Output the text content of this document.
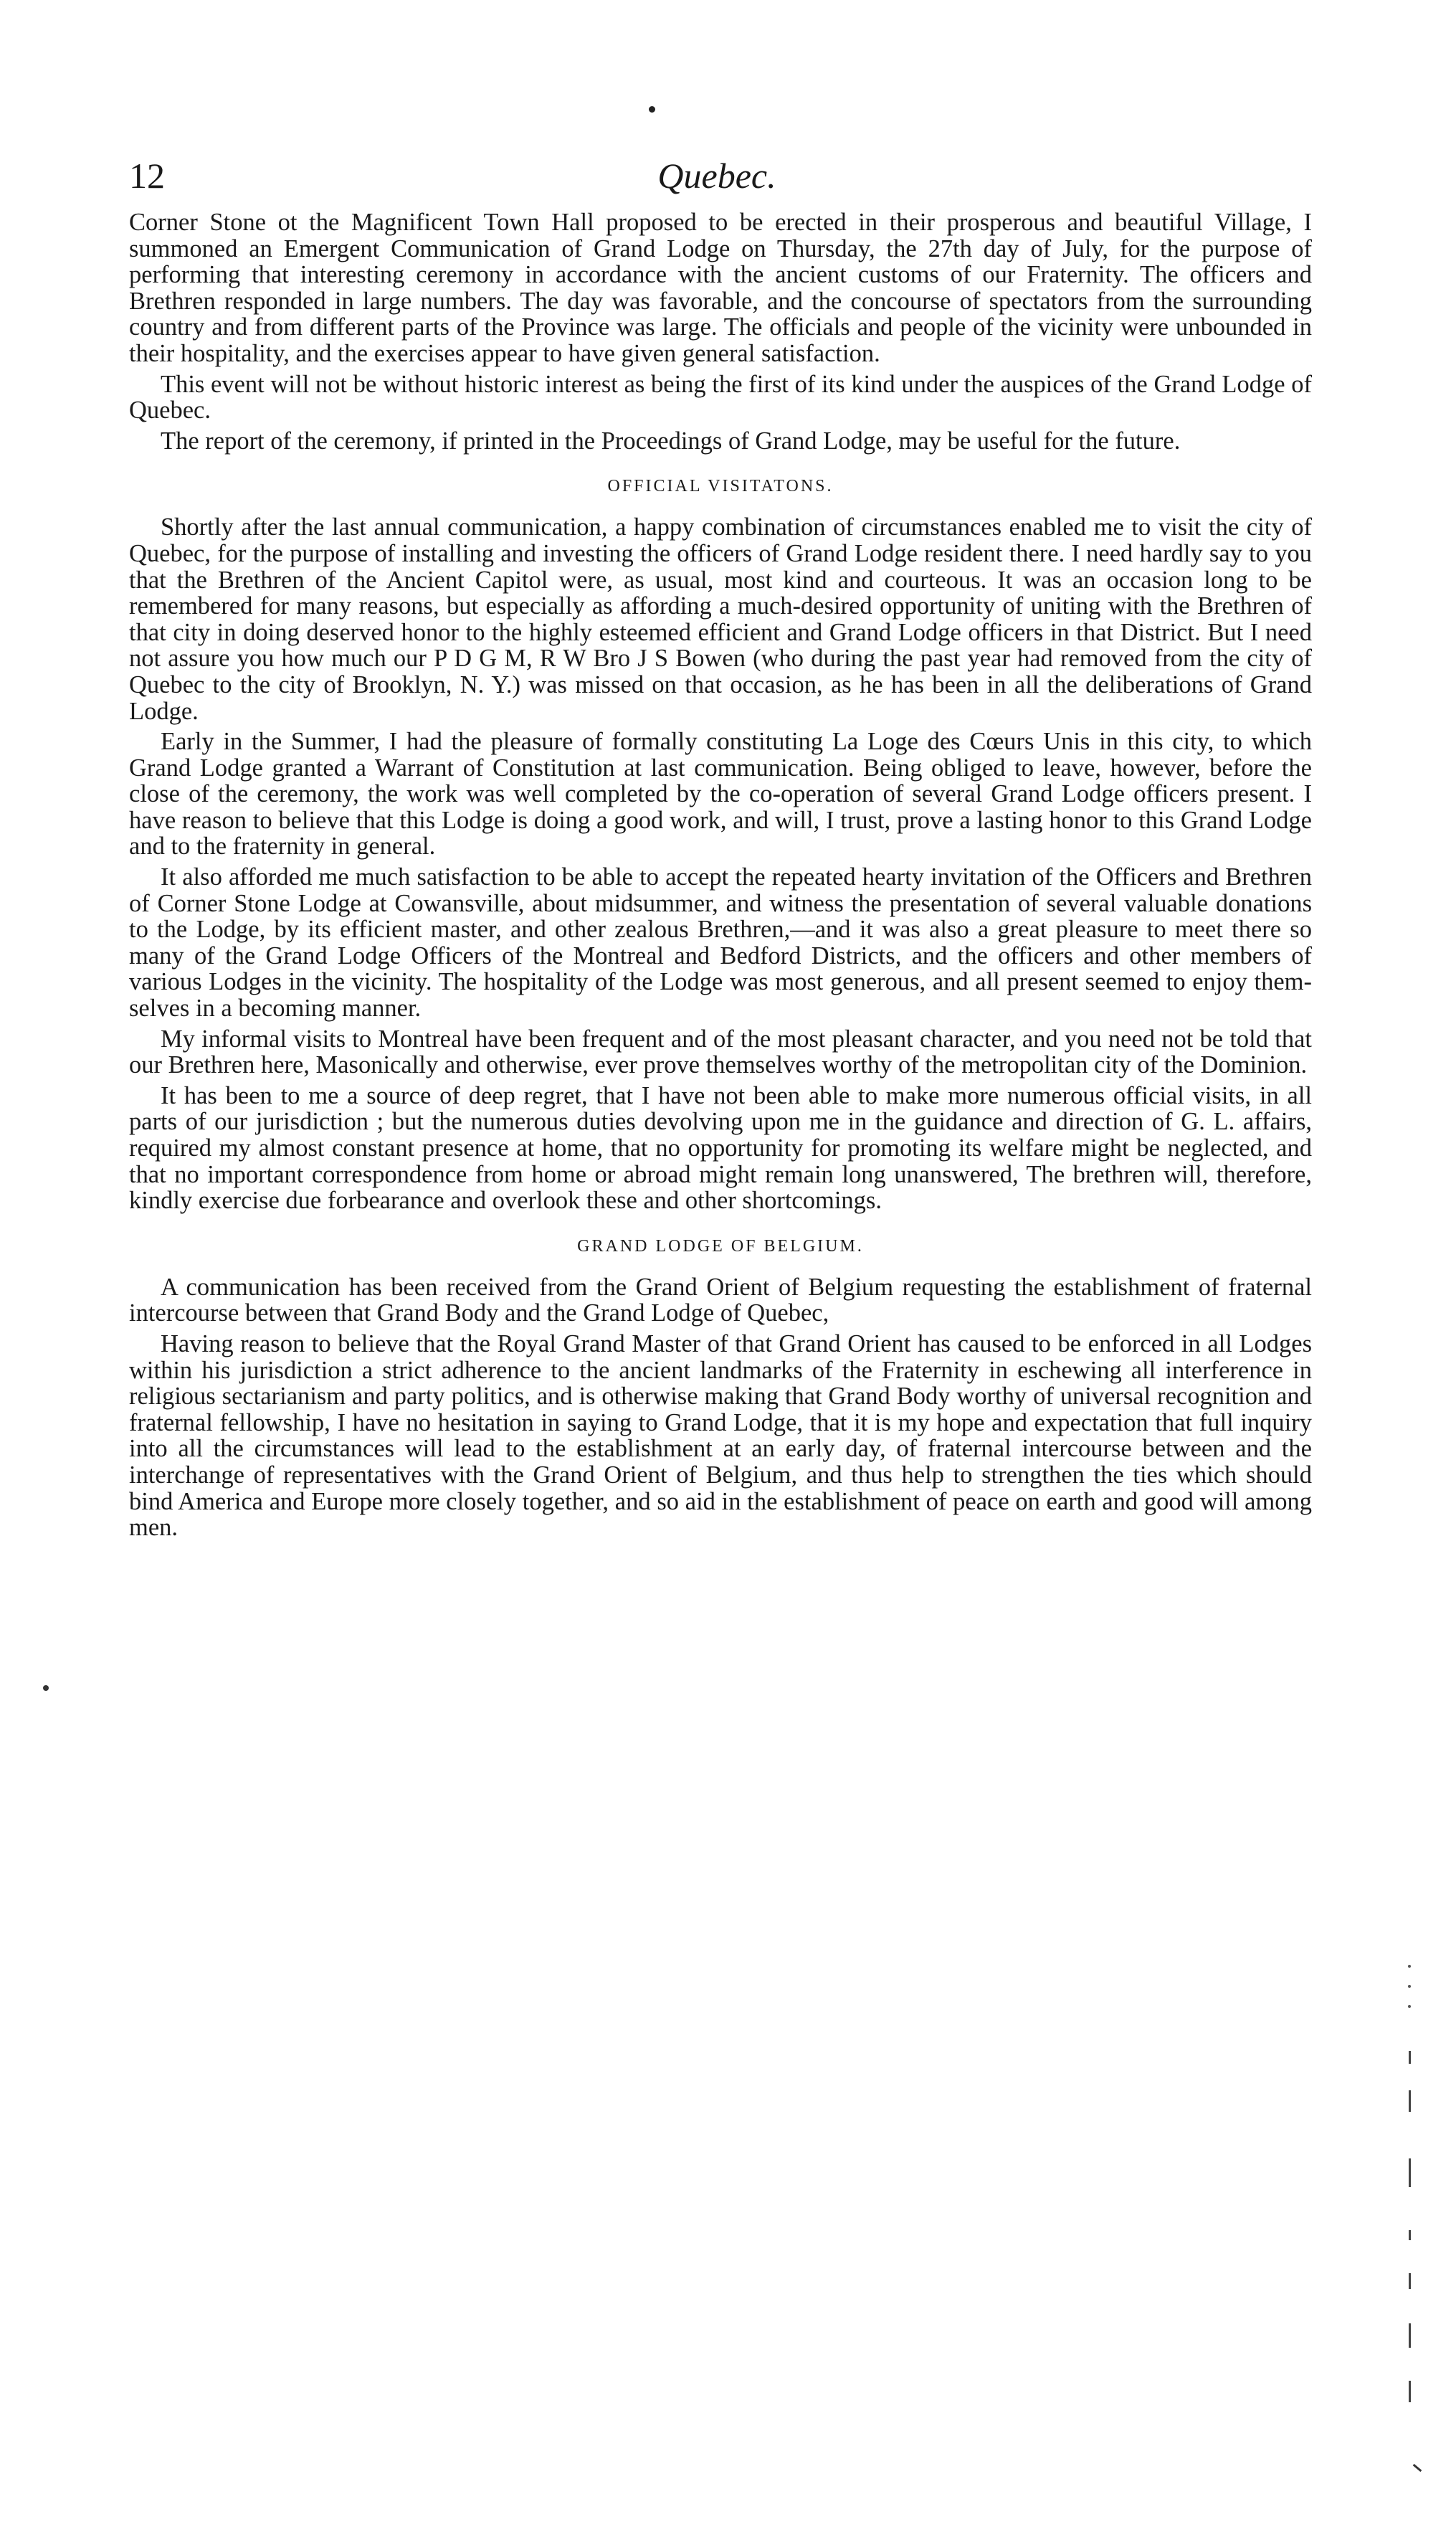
12	Quebec.

Corner Stone ot the Magnificent Town Hall proposed to be erected in their prosperous and beautiful Village, I summoned an Emergent Communication of Grand Lodge on Thursday, the 27th day of July, for the purpose of performing that interesting ceremony in accordance with the ancient customs of our Fraternity. The officers and Brethren responded in large numbers. The day was favorable, and the concourse of spectators from the surrounding country and from different parts of the Province was large. The officials and people of the vicinity were unbounded in their hospitality, and the exercises appear to have given general satisfaction.

This event will not be without historic interest as being the first of its kind under the auspices of the Grand Lodge of Quebec.

The report of the ceremony, if printed in the Proceedings of Grand Lodge, may be useful for the future.

OFFICIAL VISITATONS.

Shortly after the last annual communication, a happy combination of circumstances enabled me to visit the city of Quebec, for the purpose of installing and investing the officers of Grand Lodge resident there. I need hardly say to you that the Brethren of the Ancient Capitol were, as usual, most kind and courteous. It was an occasion long to be remembered for many reasons, but especially as affording a much-desired opportunity of uniting with the Brethren of that city in doing deserved honor to the highly esteemed efficient and Grand Lodge officers in that District. But I need not assure you how much our P D G M, R W Bro J S Bowen (who during the past year had removed from the city of Quebec to the city of Brooklyn, N. Y.) was missed on that occasion, as he has been in all the deliberations of Grand Lodge.

Early in the Summer, I had the pleasure of formally constituting La Loge des Cœurs Unis in this city, to which Grand Lodge granted a Warrant of Constitution at last communication. Being obliged to leave, however, before the close of the ceremony, the work was well completed by the co-operation of several Grand Lodge officers present. I have reason to believe that this Lodge is doing a good work, and will, I trust, prove a lasting honor to this Grand Lodge and to the fraternity in general.

It also afforded me much satisfaction to be able to accept the repeated hearty invitation of the Officers and Brethren of Corner Stone Lodge at Cowansville, about midsummer, and witness the presentation of several valuable donations to the Lodge, by its efficient master, and other zealous Brethren,—and it was also a great pleasure to meet there so many of the Grand Lodge Officers of the Montreal and Bedford Districts, and the officers and other members of various Lodges in the vicinity. The hospitality of the Lodge was most generous, and all present seemed to enjoy themselves in a becoming manner.

My informal visits to Montreal have been frequent and of the most pleasant character, and you need not be told that our Brethren here, Masonically and otherwise, ever prove themselves worthy of the metropolitan city of the Dominion.

It has been to me a source of deep regret, that I have not been able to make more numerous official visits, in all parts of our jurisdiction ; but the numerous duties devolving upon me in the guidance and direction of G. L. affairs, required my almost constant presence at home, that no opportunity for promoting its welfare might be neglected, and that no important correspondence from home or abroad might remain long unanswered, The brethren will, therefore, kindly exercise due forbearance and overlook these and other shortcomings.

GRAND LODGE OF BELGIUM.

A communication has been received from the Grand Orient of Belgium requesting the establishment of fraternal intercourse between that Grand Body and the Grand Lodge of Quebec,

Having reason to believe that the Royal Grand Master of that Grand Orient has caused to be enforced in all Lodges within his jurisdiction a strict adherence to the ancient landmarks of the Fraternity in eschewing all interference in religious sectarianism and party politics, and is otherwise making that Grand Body worthy of universal recognition and fraternal fellowship, I have no hesitation in saying to Grand Lodge, that it is my hope and expectation that full inquiry into all the circumstances will lead to the establishment at an early day, of fraternal intercourse between and the interchange of representatives with the Grand Orient of Belgium, and thus help to strengthen the ties which should bind America and Europe more closely together, and so aid in the establishment of peace on earth and good will among men.
